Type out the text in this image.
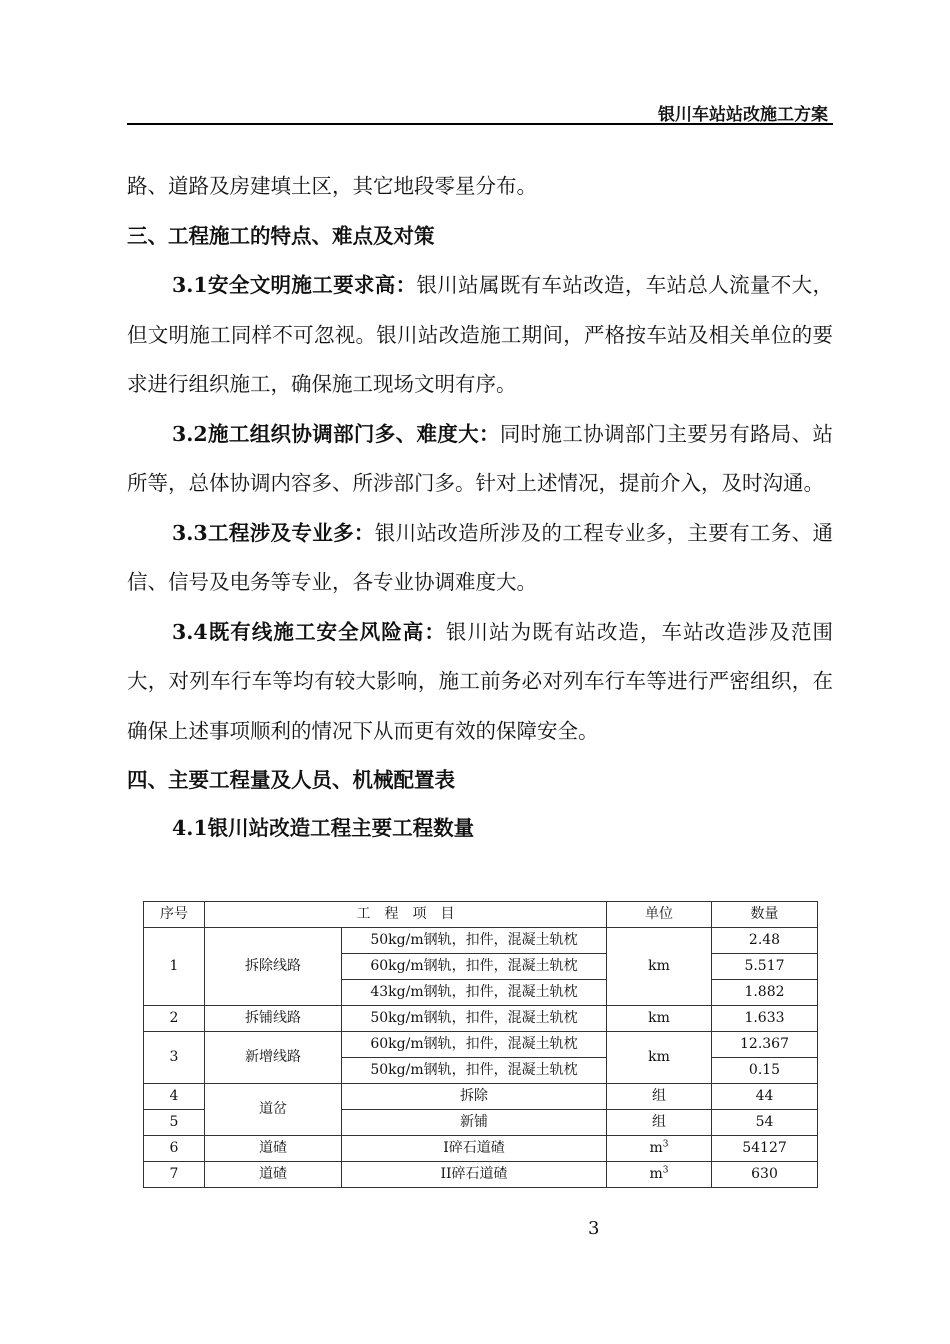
银川车站站改施工方案

路、道路及房建填土区，其它地段零星分布。

三、工程施工的特点、难点及对策

3.1安全文明施工要求高：银川站属既有车站改造，车站总人流量不大，但文明施工同样不可忽视。银川站改造施工期间，严格按车站及相关单位的要求进行组织施工，确保施工现场文明有序。

3.2施工组织协调部门多、难度大：同时施工协调部门主要另有路局、站所等，总体协调内容多、所涉部门多。针对上述情况，提前介入，及时沟通。

3.3工程涉及专业多：银川站改造所涉及的工程专业多，主要有工务、通信、信号及电务等专业，各专业协调难度大。

3.4既有线施工安全风险高：银川站为既有站改造，车站改造涉及范围大，对列车行车等均有较大影响，施工前务必对列车行车等进行严密组织，在确保上述事项顺利的情况下从而更有效的保障安全。

四、主要工程量及人员、机械配置表

4.1银川站改造工程主要工程数量

序号	工　程　项　目		单位	数量
1	拆除线路	50kg/m钢轨，扣件，混凝土轨枕	km	2.48
		60kg/m钢轨，扣件，混凝土轨枕		5.517
		43kg/m钢轨，扣件，混凝土轨枕		1.882
2	拆铺线路	50kg/m钢轨，扣件，混凝土轨枕	km	1.633
3	新增线路	60kg/m钢轨，扣件，混凝土轨枕	km	12.367
		50kg/m钢轨，扣件，混凝土轨枕		0.15
4	道岔	拆除	组	44
5		新铺	组	54
6	道碴	I碎石道碴	$m^3$	54127
7	道碴	II碎石道碴	$m^3$	630
3
